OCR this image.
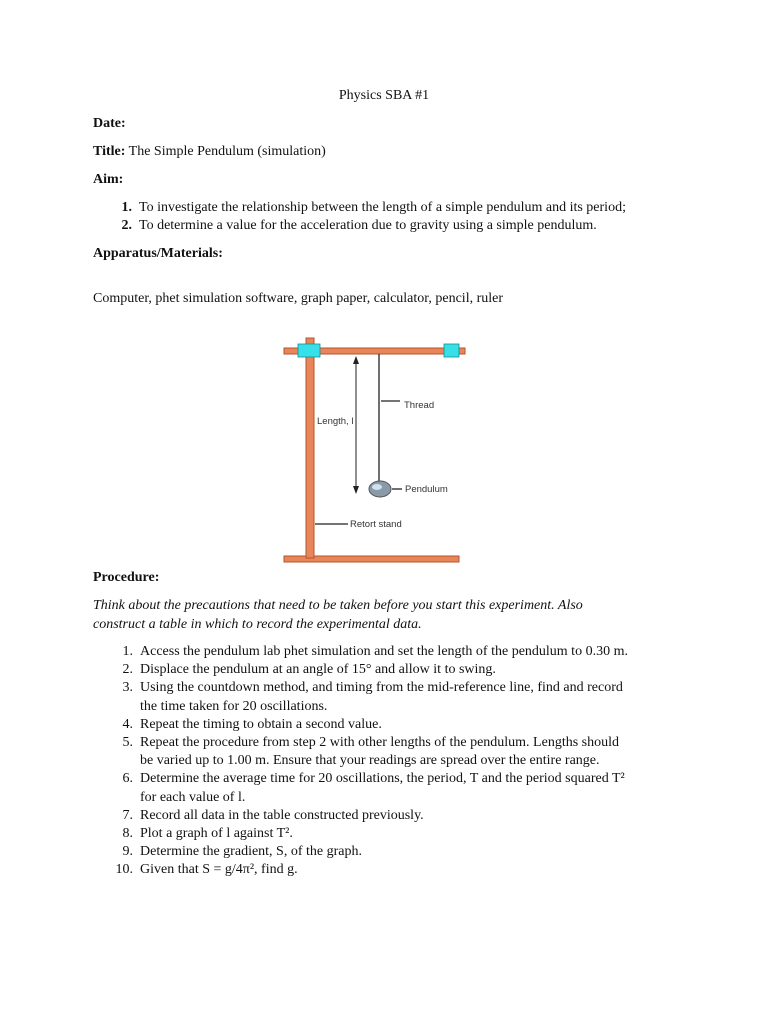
Physics SBA #1
Date:
Title: The Simple Pendulum (simulation)
Aim:
1. To investigate the relationship between the length of a simple pendulum and its period;
2. To determine a value for the acceleration due to gravity using a simple pendulum.
Apparatus/Materials:
Computer, phet simulation software, graph paper, calculator, pencil, ruler
Thread
Length, l
Pendulum
Retort stand
Procedure:
Think about the precautions that need to be taken before you start this experiment. Also
construct a table in which to record the experimental data.
1. Access the pendulum lab phet simulation and set the length of the pendulum to 0.30 m.
2. Displace the pendulum at an angle of 15° and allow it to swing.
3. Using the countdown method, and timing from the mid-reference line, find and record
the time taken for 20 oscillations.
4. Repeat the timing to obtain a second value.
5. Repeat the procedure from step 2 with other lengths of the pendulum. Lengths should
be varied up to 1.00 m. Ensure that your readings are spread over the entire range.
6. Determine the average time for 20 oscillations, the period, T and the period squared T²
for each value of l.
7. Record all data in the table constructed previously.
8. Plot a graph of l against T².
9. Determine the gradient, S, of the graph.
10. Given that S = g/4π², find g.
